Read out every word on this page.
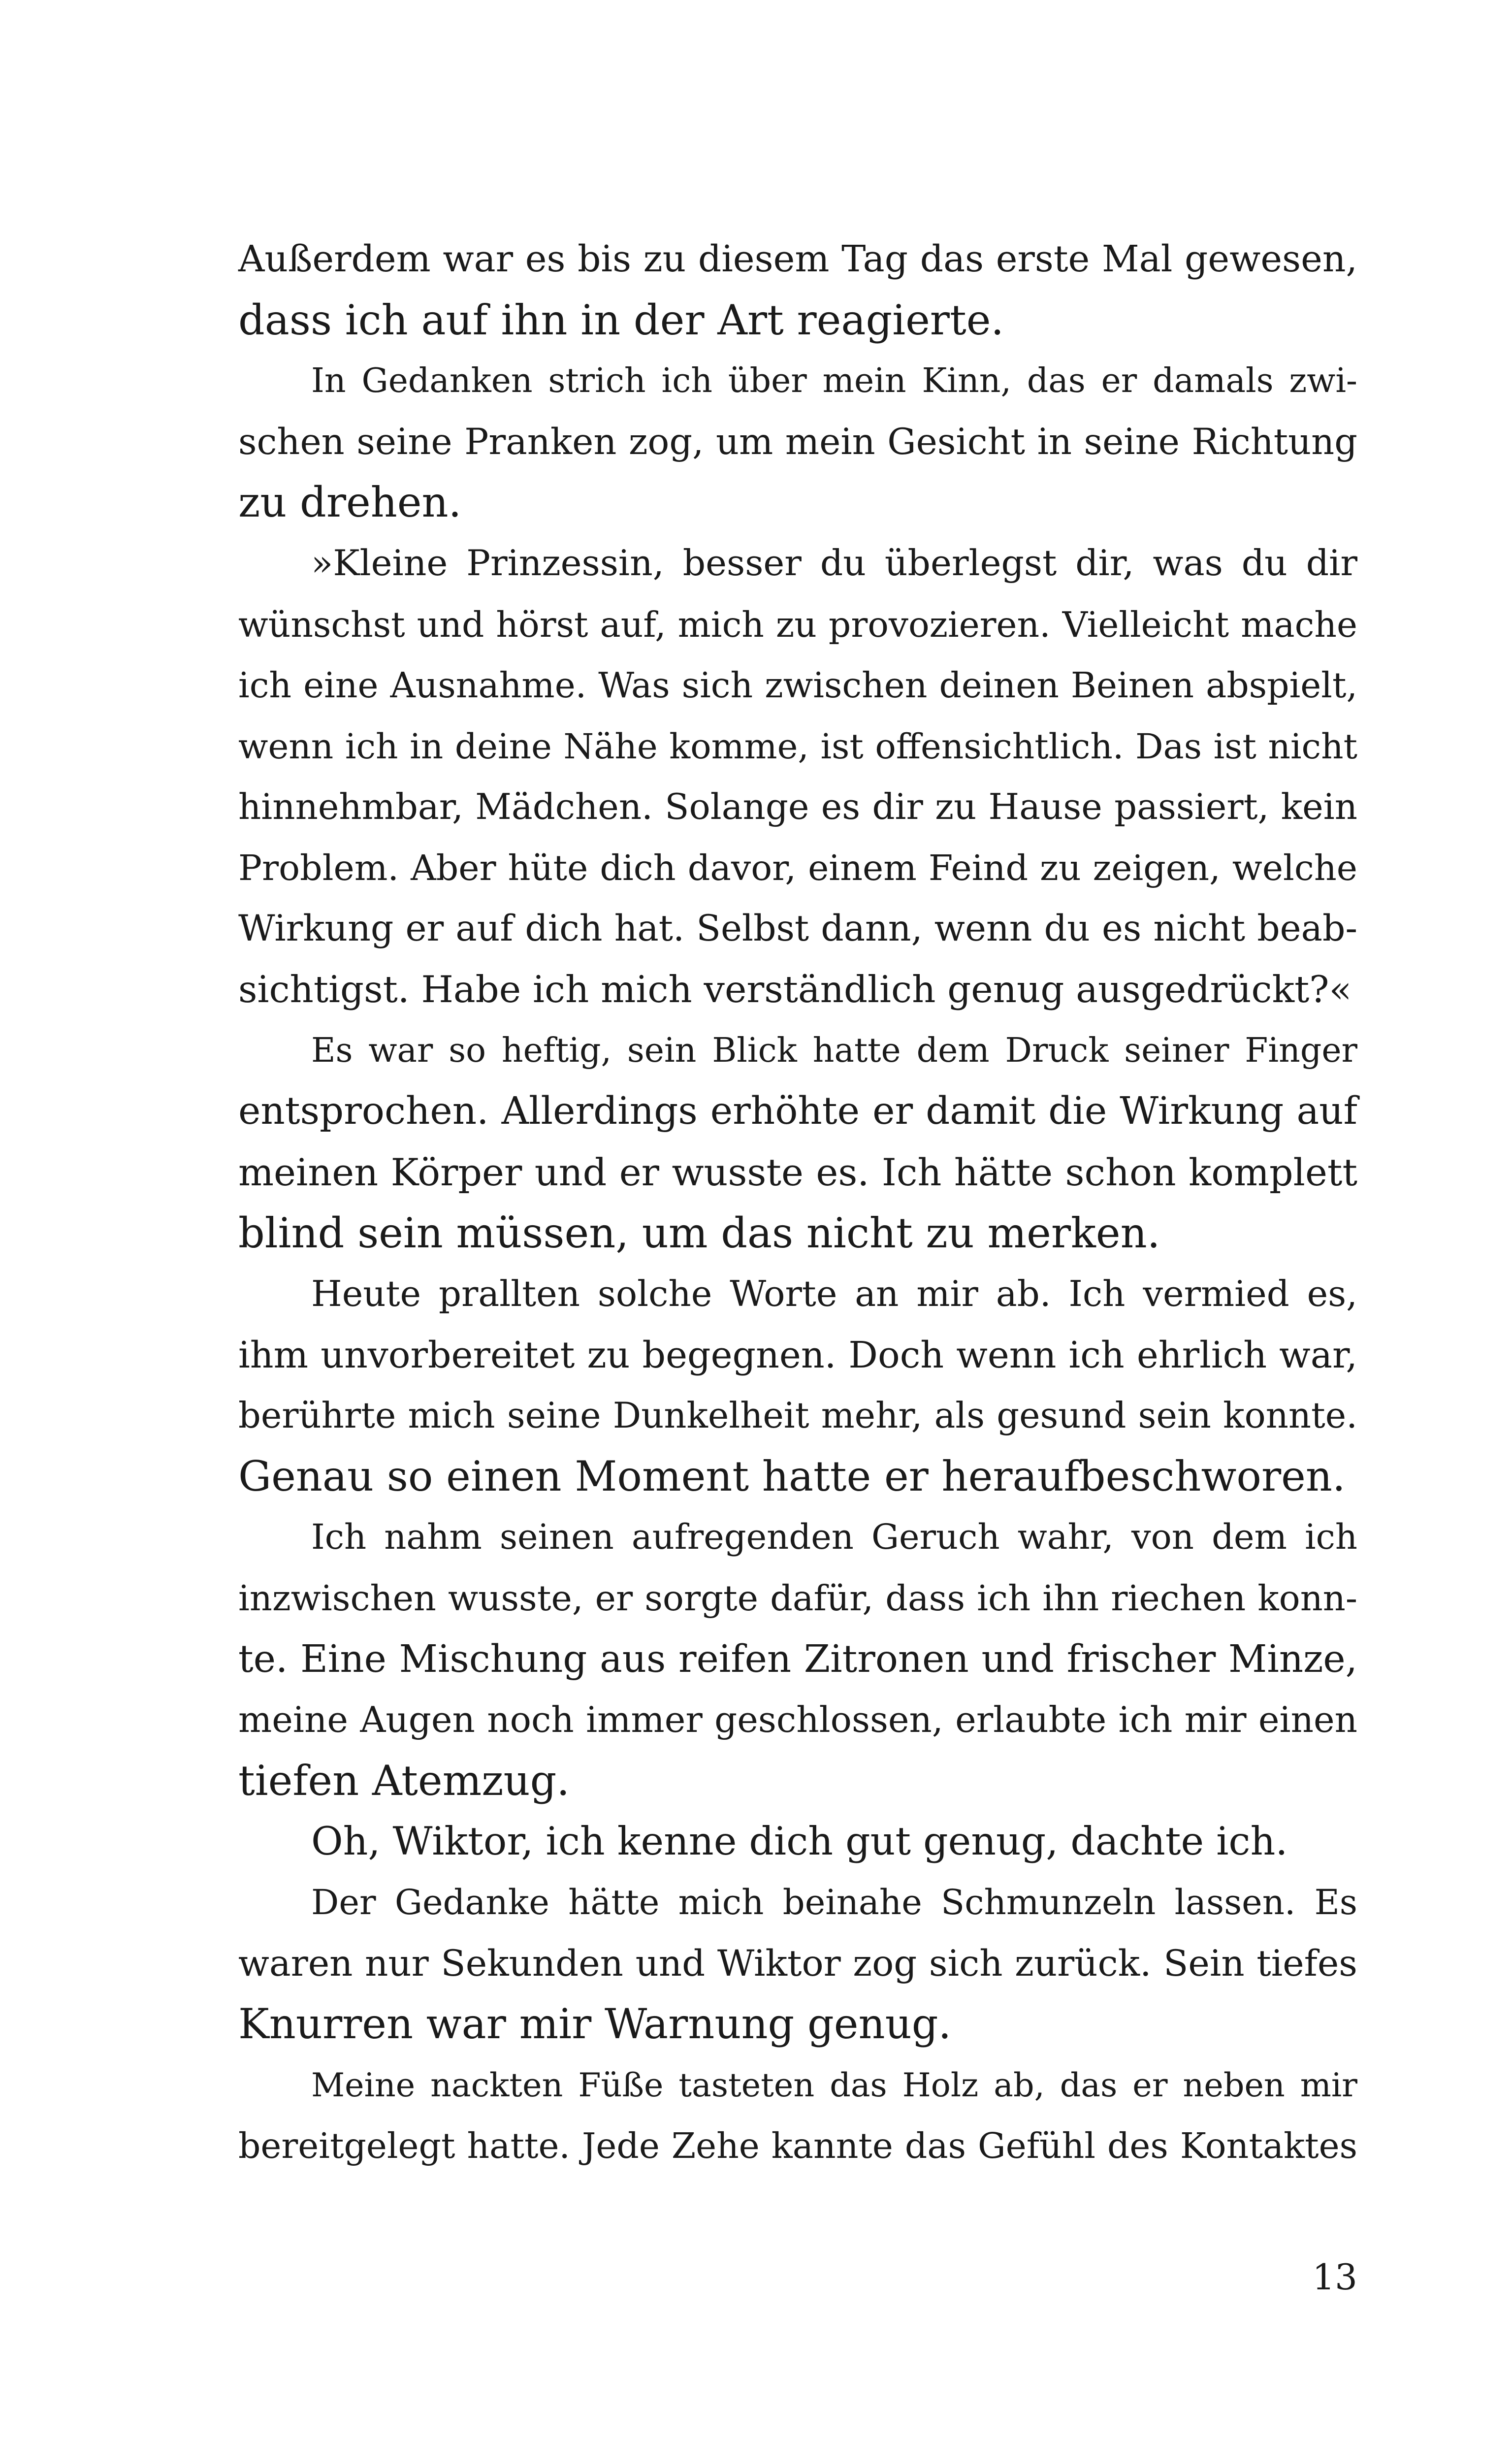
Außerdem war es bis zu diesem Tag das erste Mal gewesen,
dass ich auf ihn in der Art reagierte.
In Gedanken strich ich über mein Kinn, das er damals zwi-
schen seine Pranken zog, um mein Gesicht in seine Richtung
zu drehen.
»Kleine Prinzessin, besser du überlegst dir, was du dir
wünschst und hörst auf, mich zu provozieren. Vielleicht mache
ich eine Ausnahme. Was sich zwischen deinen Beinen abspielt,
wenn ich in deine Nähe komme, ist offensichtlich. Das ist nicht
hinnehmbar, Mädchen. Solange es dir zu Hause passiert, kein
Problem. Aber hüte dich davor, einem Feind zu zeigen, welche
Wirkung er auf dich hat. Selbst dann, wenn du es nicht beab-
sichtigst. Habe ich mich verständlich genug ausgedrückt?«
Es war so heftig, sein Blick hatte dem Druck seiner Finger
entsprochen. Allerdings erhöhte er damit die Wirkung auf
meinen Körper und er wusste es. Ich hätte schon komplett
blind sein müssen, um das nicht zu merken.
Heute prallten solche Worte an mir ab. Ich vermied es,
ihm unvorbereitet zu begegnen. Doch wenn ich ehrlich war,
berührte mich seine Dunkelheit mehr, als gesund sein konnte.
Genau so einen Moment hatte er heraufbeschworen.
Ich nahm seinen aufregenden Geruch wahr, von dem ich
inzwischen wusste, er sorgte dafür, dass ich ihn riechen konn-
te. Eine Mischung aus reifen Zitronen und frischer Minze,
meine Augen noch immer geschlossen, erlaubte ich mir einen
tiefen Atemzug.
Oh, Wiktor, ich kenne dich gut genug, dachte ich.
Der Gedanke hätte mich beinahe Schmunzeln lassen. Es
waren nur Sekunden und Wiktor zog sich zurück. Sein tiefes
Knurren war mir Warnung genug.
Meine nackten Füße tasteten das Holz ab, das er neben mir
bereitgelegt hatte. Jede Zehe kannte das Gefühl des Kontaktes
13
